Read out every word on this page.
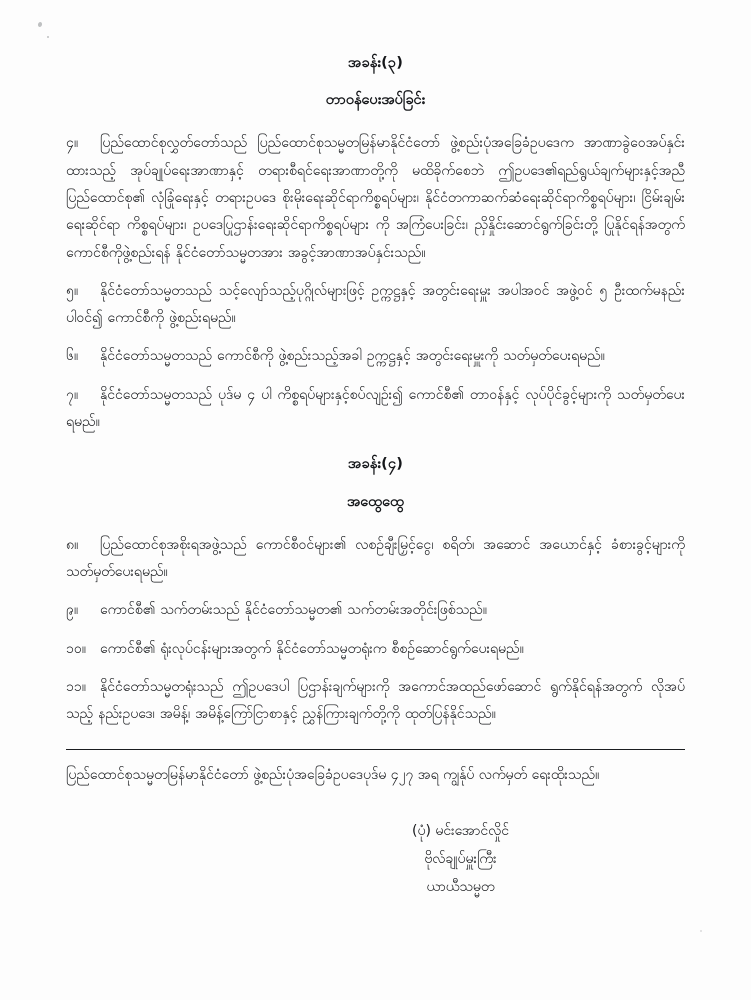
အခန်း(၃)
တာဝန်ပေးအပ်ခြင်း

၄။ ပြည်ထောင်စုလွှတ်တော်သည် ပြည်ထောင်စုသမ္မတမြန်မာနိုင်ငံတော် ဖွဲ့စည်းပုံအခြေခံဥပဒေက အာဏာခွဲဝေအပ်နှင်းထားသည့် အုပ်ချုပ်ရေးအာဏာနှင့် တရားစီရင်ရေးအာဏာတို့ကို မထိခိုက်စေဘဲ ဤဥပဒေ၏ရည်ရွယ်ချက်များနှင့်အညီ ပြည်ထောင်စု၏ လုံခြုံရေးနှင့် တရားဥပဒေ စိုးမိုးရေးဆိုင်ရာကိစ္စရပ်များ၊ နိုင်ငံတကာဆက်ဆံရေးဆိုင်ရာကိစ္စရပ်များ၊ ငြိမ်းချမ်းရေးဆိုင်ရာ ကိစ္စရပ်များ၊ ဥပဒေပြုဌာန်းရေးဆိုင်ရာကိစ္စရပ်များ ကို အကြံပေးခြင်း၊ ညှိနှိုင်းဆောင်ရွက်ခြင်းတို့ ပြုနိုင်ရန်အတွက် ကောင်စီကိုဖွဲ့စည်းရန် နိုင်ငံတော်သမ္မတအား အခွင့်အာဏာအပ်နှင်းသည်။

၅။ နိုင်ငံတော်သမ္မတသည် သင့်လျော်သည့်ပုဂ္ဂိုလ်များဖြင့် ဥက္ကဋ္ဌနှင့် အတွင်းရေးမှူး အပါအဝင် အဖွဲ့ဝင် ၅ ဦးထက်မနည်း ပါဝင်၍ ကောင်စီကို ဖွဲ့စည်းရမည်။

၆။ နိုင်ငံတော်သမ္မတသည် ကောင်စီကို ဖွဲ့စည်းသည့်အခါ ဥက္ကဋ္ဌနှင့် အတွင်းရေးမှူးကို သတ်မှတ်ပေးရမည်။

၇။ နိုင်ငံတော်သမ္မတသည် ပုဒ်မ ၄ ပါ ကိစ္စရပ်များနှင့်စပ်လျဉ်း၍ ကောင်စီ၏ တာဝန်နှင့် လုပ်ပိုင်ခွင့်များကို သတ်မှတ်ပေးရမည်။

အခန်း(၄)
အထွေထွေ

၈။ ပြည်ထောင်စုအစိုးရအဖွဲ့သည် ကောင်စီဝင်များ၏ လစဉ်ချီးမြှင့်ငွေ၊ စရိတ်၊ အဆောင် အယောင်နှင့် ခံစားခွင့်များကို သတ်မှတ်ပေးရမည်။

၉။ ကောင်စီ၏ သက်တမ်းသည် နိုင်ငံတော်သမ္မတ၏ သက်တမ်းအတိုင်းဖြစ်သည်။

၁၀။ ကောင်စီ၏ ရုံးလုပ်ငန်းများအတွက် နိုင်ငံတော်သမ္မတရုံးက စီစဉ်ဆောင်ရွက်ပေးရမည်။

၁၁။ နိုင်ငံတော်သမ္မတရုံးသည် ဤဥပဒေပါ ပြဌာန်းချက်များကို အကောင်အထည်ဖော်ဆောင် ရွက်နိုင်ရန်အတွက် လိုအပ်သည့် နည်းဥပဒေ၊ အမိန့်၊ အမိန့်ကြော်ငြာစာနှင့် ညွှန်ကြားချက်တို့ကို ထုတ်ပြန်နိုင်သည်။

ပြည်ထောင်စုသမ္မတမြန်မာနိုင်ငံတော် ဖွဲ့စည်းပုံအခြေခံဥပဒေပုဒ်မ ၄၂၇ အရ ကျွန်ုပ် လက်မှတ် ရေးထိုးသည်။

(ပုံ) မင်းအောင်လှိုင်
ဗိုလ်ချုပ်မှူးကြီး
ယာယီသမ္မတ
